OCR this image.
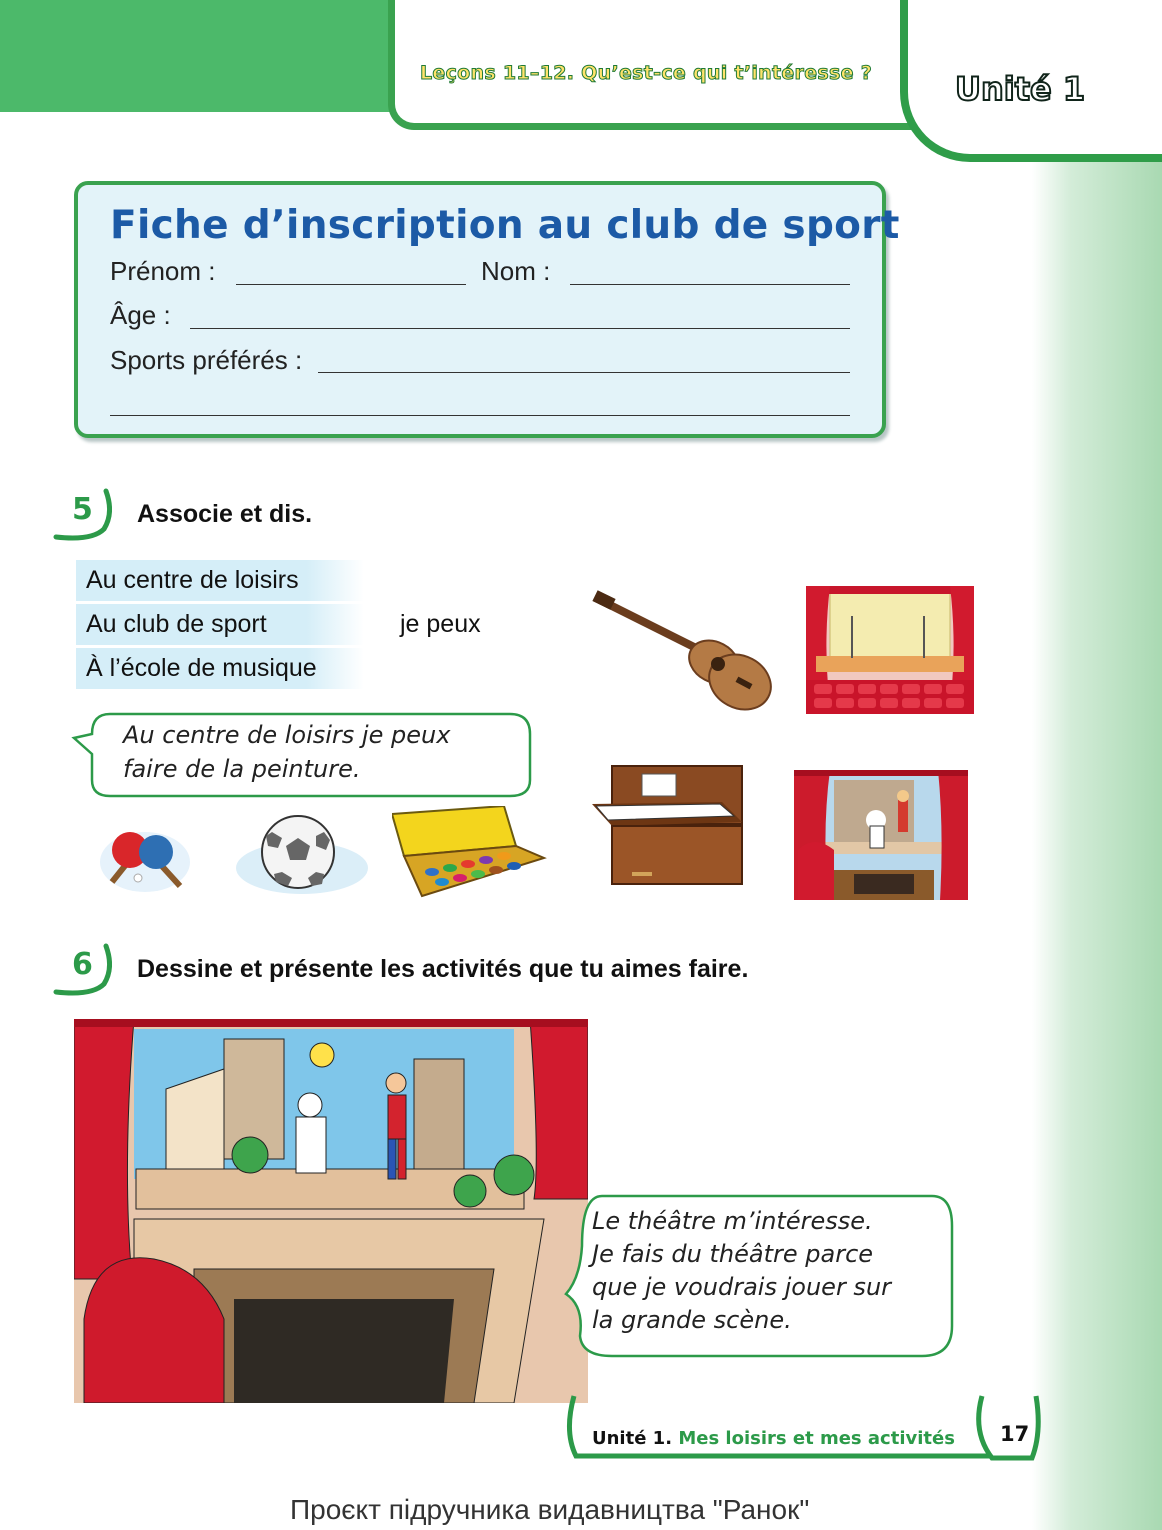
Leçons 11–12. Qu’est-ce qui t’intéresse ?	Unité 1
Fiche d’inscription au club de sport
Prénom :	Nom :
Âge :
Sports préférés :
5 Associe et dis.
Au centre de loisirs
Au club de sport
À l’école de musique
je peux
Au centre de loisirs je peux
faire de la peinture.
6 Dessine et présente les activités que tu aimes faire.
Le théâtre m’intéresse.
Je fais du théâtre parce
que je voudrais jouer sur
la grande scène.
Unité 1. Mes loisirs et mes activités 17
Проєкт підручника видавництва "Ранок"
